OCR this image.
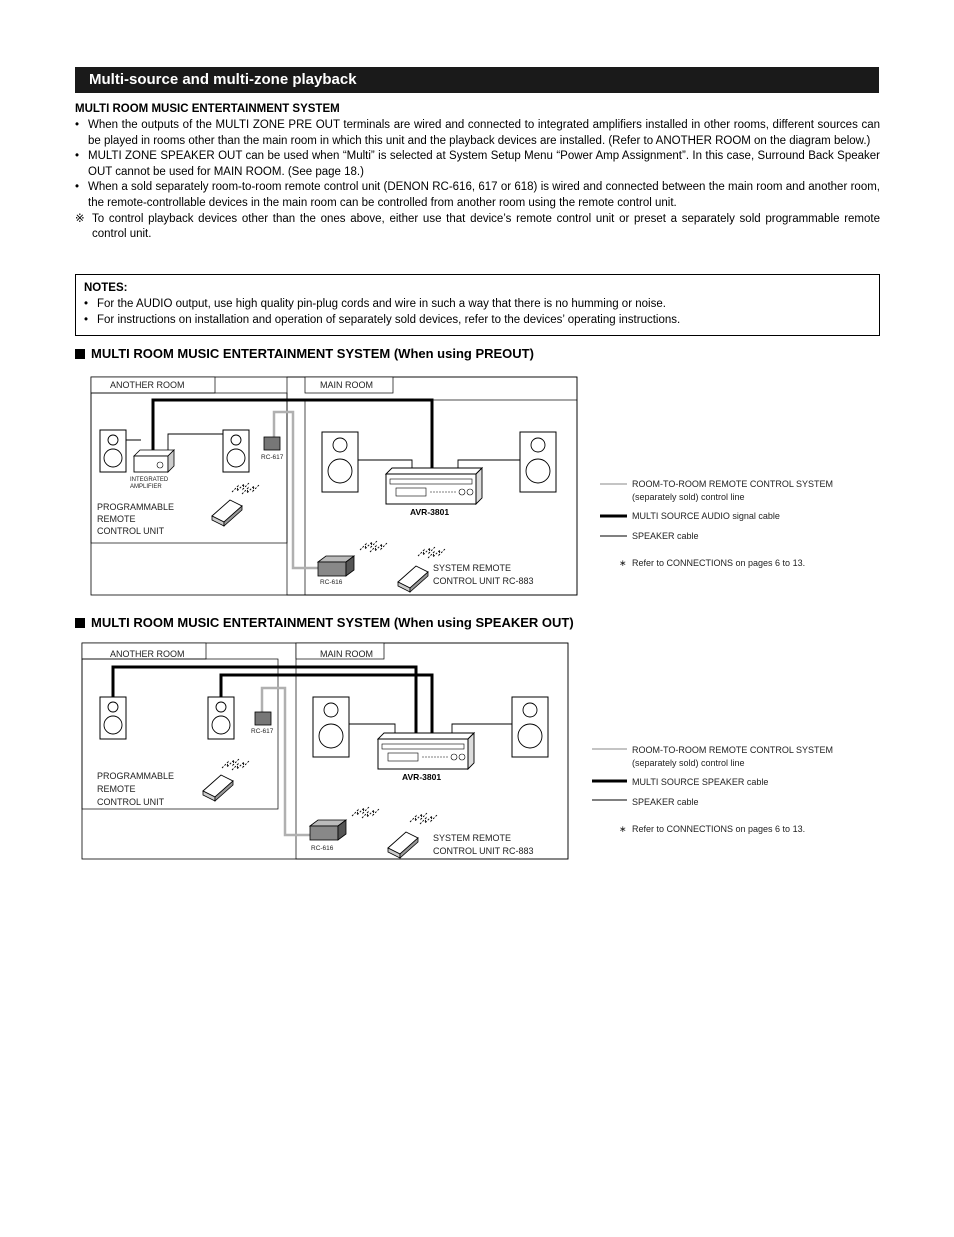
Multi-source and multi-zone playback
MULTI ROOM MUSIC ENTERTAINMENT SYSTEM
• When the outputs of the MULTI ZONE PRE OUT terminals are wired and connected to integrated amplifiers installed in other rooms, different sources can be played in rooms other than the main room in which this unit and the playback devices are installed. (Refer to ANOTHER ROOM on the diagram below.)
• MULTI ZONE SPEAKER OUT can be used when “Multi” is selected at System Setup Menu “Power Amp Assignment”. In this case, Surround Back Speaker OUT cannot be used for MAIN ROOM. (See page 18.)
• When a sold separately room-to-room remote control unit (DENON RC-616, 617 or 618) is wired and connected between the main room and another room, the remote-controllable devices in the main room can be controlled from another room using the remote control unit.
※ To control playback devices other than the ones above, either use that device’s remote control unit or preset a separately sold programmable remote control unit.
NOTES:
• For the AUDIO output, use high quality pin-plug cords and wire in such a way that there is no humming or noise.
• For instructions on installation and operation of separately sold devices, refer to the devices’ operating instructions.
MULTI ROOM MUSIC ENTERTAINMENT SYSTEM (When using PREOUT)
MULTI ROOM MUSIC ENTERTAINMENT SYSTEM (When using SPEAKER OUT)
ANOTHER ROOM	MAIN ROOM
INTEGRATED
AMPLIFIER
RC-617
PROGRAMMABLE
REMOTE
CONTROL UNIT
AVR-3801
RC-616
SYSTEM REMOTE
CONTROL UNIT RC-883
ROOM-TO-ROOM REMOTE CONTROL SYSTEM
(separately sold) control line
MULTI SOURCE AUDIO signal cable
SPEAKER cable
∗ Refer to CONNECTIONS on pages 6 to 13.
ANOTHER ROOM	MAIN ROOM
RC-617
PROGRAMMABLE
REMOTE
CONTROL UNIT
AVR-3801
RC-616
SYSTEM REMOTE
CONTROL UNIT RC-883
ROOM-TO-ROOM REMOTE CONTROL SYSTEM
(separately sold) control line
MULTI SOURCE SPEAKER cable
SPEAKER cable
∗ Refer to CONNECTIONS on pages 6 to 13.
